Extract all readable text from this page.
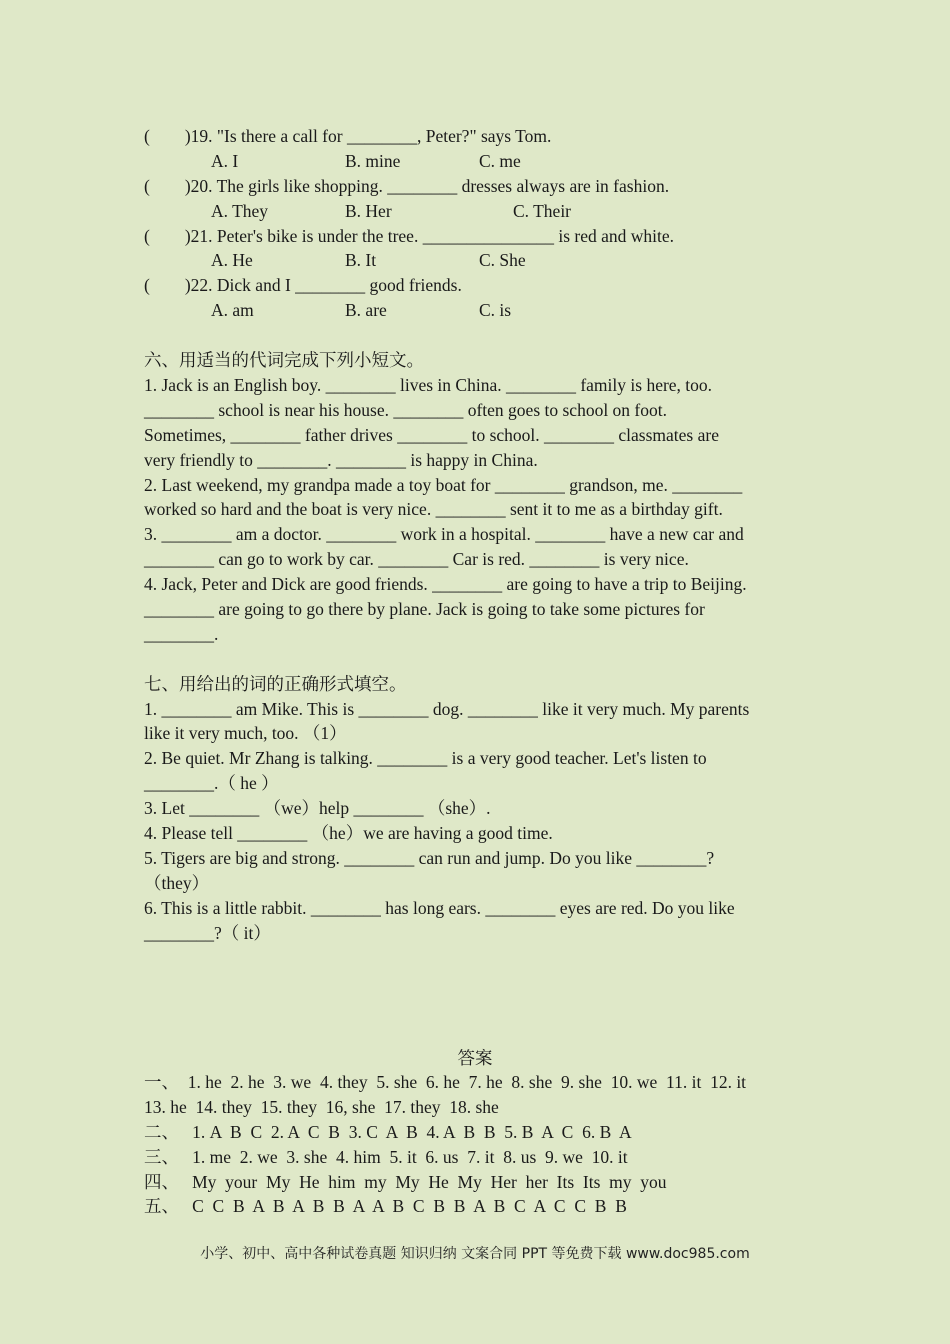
(　　)19. "Is there a call for ________, Peter?" says Tom.

A. I

	B. mine

	C. me

(　　)20. The girls like shopping. ________ dresses always are in fashion.

A. They

	B. Her

	C. Their

(　　)21. Peter's bike is under the tree. _______________ is red and white.

A. He

	B. It

	C. She

(　　)22. Dick and I ________ good friends.

A. am

	B. are

	C. is

六、用适当的代词完成下列小短文。
1. Jack is an English boy. ________ lives in China. ________ family is here, too.
________ school is near his house. ________ often goes to school on foot.
Sometimes, ________ father drives ________ to school. ________ classmates are
very friendly to ________. ________ is happy in China.
2. Last weekend, my grandpa made a toy boat for ________ grandson, me. ________
worked so hard and the boat is very nice. ________ sent it to me as a birthday gift.
3. ________ am a doctor. ________ work in a hospital. ________ have a new car and
________ can go to work by car. ________ Car is red. ________ is very nice.
4. Jack, Peter and Dick are good friends. ________ are going to have a trip to Beijing.
________ are going to go there by plane. Jack is going to take some pictures for
________.
七、用给出的词的正确形式填空。
1. ________ am Mike. This is ________ dog. ________ like it very much. My parents
like it very much, too. （1）
2. Be quiet. Mr Zhang is talking. ________ is a very good teacher. Let's listen to
________.（ he ）
3. Let ________ （we）help ________ （she）.
4. Please tell ________ （he）we are having a good time.
5. Tigers are big and strong. ________ can run and jump. Do you like ________?
（they）
6. This is a little rabbit. ________ has long ears. ________ eyes are red. Do you like
________?（ it）
答案
一、  1. he  2. he  3. we  4. they  5. she  6. he  7. he  8. she  9. she  10. we  11. it  12. it
13. he  14. they  15. they  16, she  17. they  18. she
二、   1. A  B  C  2. A  C  B  3. C  A  B  4. A  B  B  5. B  A  C  6. B  A
三、   1. me  2. we  3. she  4. him  5. it  6. us  7. it  8. us  9. we  10. it
四、   My  your  My  He  him  my  My  He  My  Her  her  Its  Its  my  you
五、   C  C  B  A  B  A  B  B  A  A  B  C  B  B  A  B  C  A  C  C  B  B
小学、初中、高中各种试卷真题 知识归纳 文案合同 PPT 等免费下载 www.doc985.com
